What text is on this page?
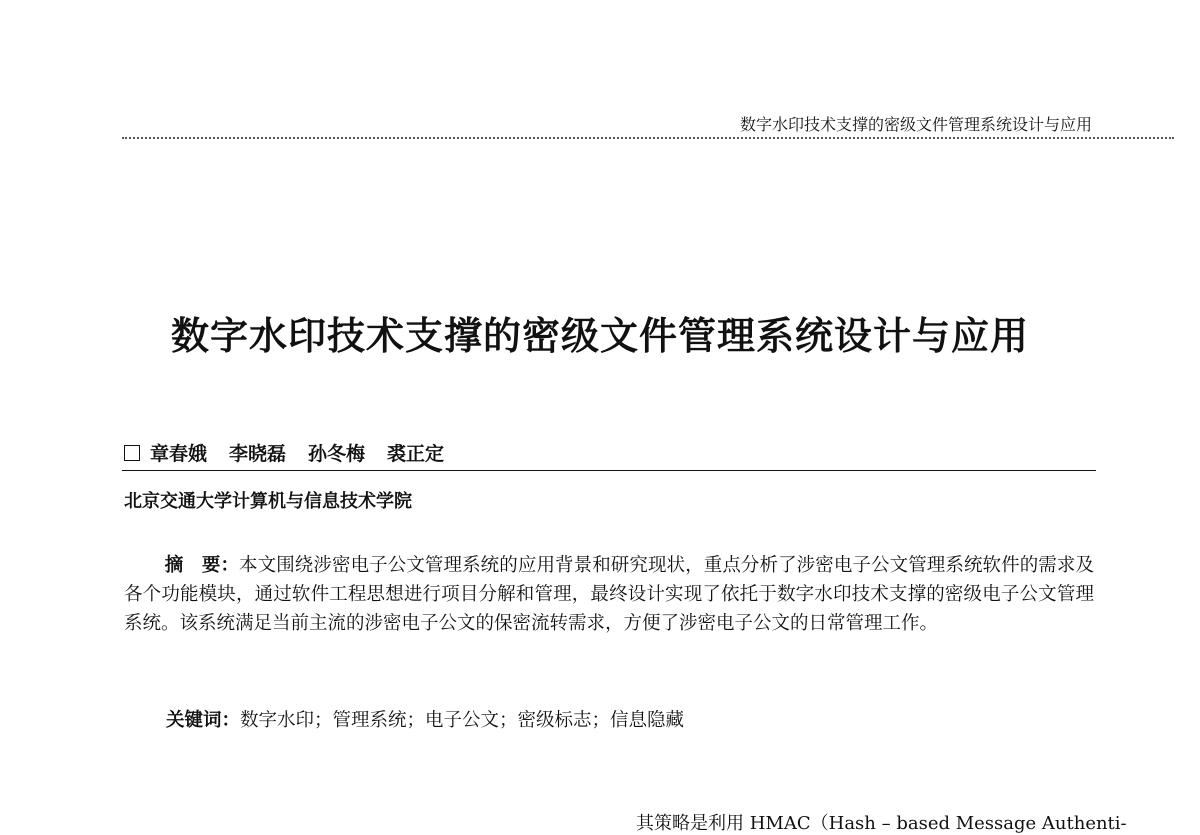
数字水印技术支撑的密级文件管理系统设计与应用
数字水印技术支撑的密级文件管理系统设计与应用
章春娥 李晓磊 孙冬梅 裘正定
北京交通大学计算机与信息技术学院
摘　要：本文围绕涉密电子公文管理系统的应用背景和研究现状，重点分析了涉密电子公文管理系统软件的需求及各个功能模块，通过软件工程思想进行项目分解和管理，最终设计实现了依托于数字水印技术支撑的密级电子公文管理系统。该系统满足当前主流的涉密电子公文的保密流转需求，方便了涉密电子公文的日常管理工作。
关键词：数字水印；管理系统；电子公文；密级标志；信息隐藏
其策略是利用 HMAC（Hash – based Message Authenti-
